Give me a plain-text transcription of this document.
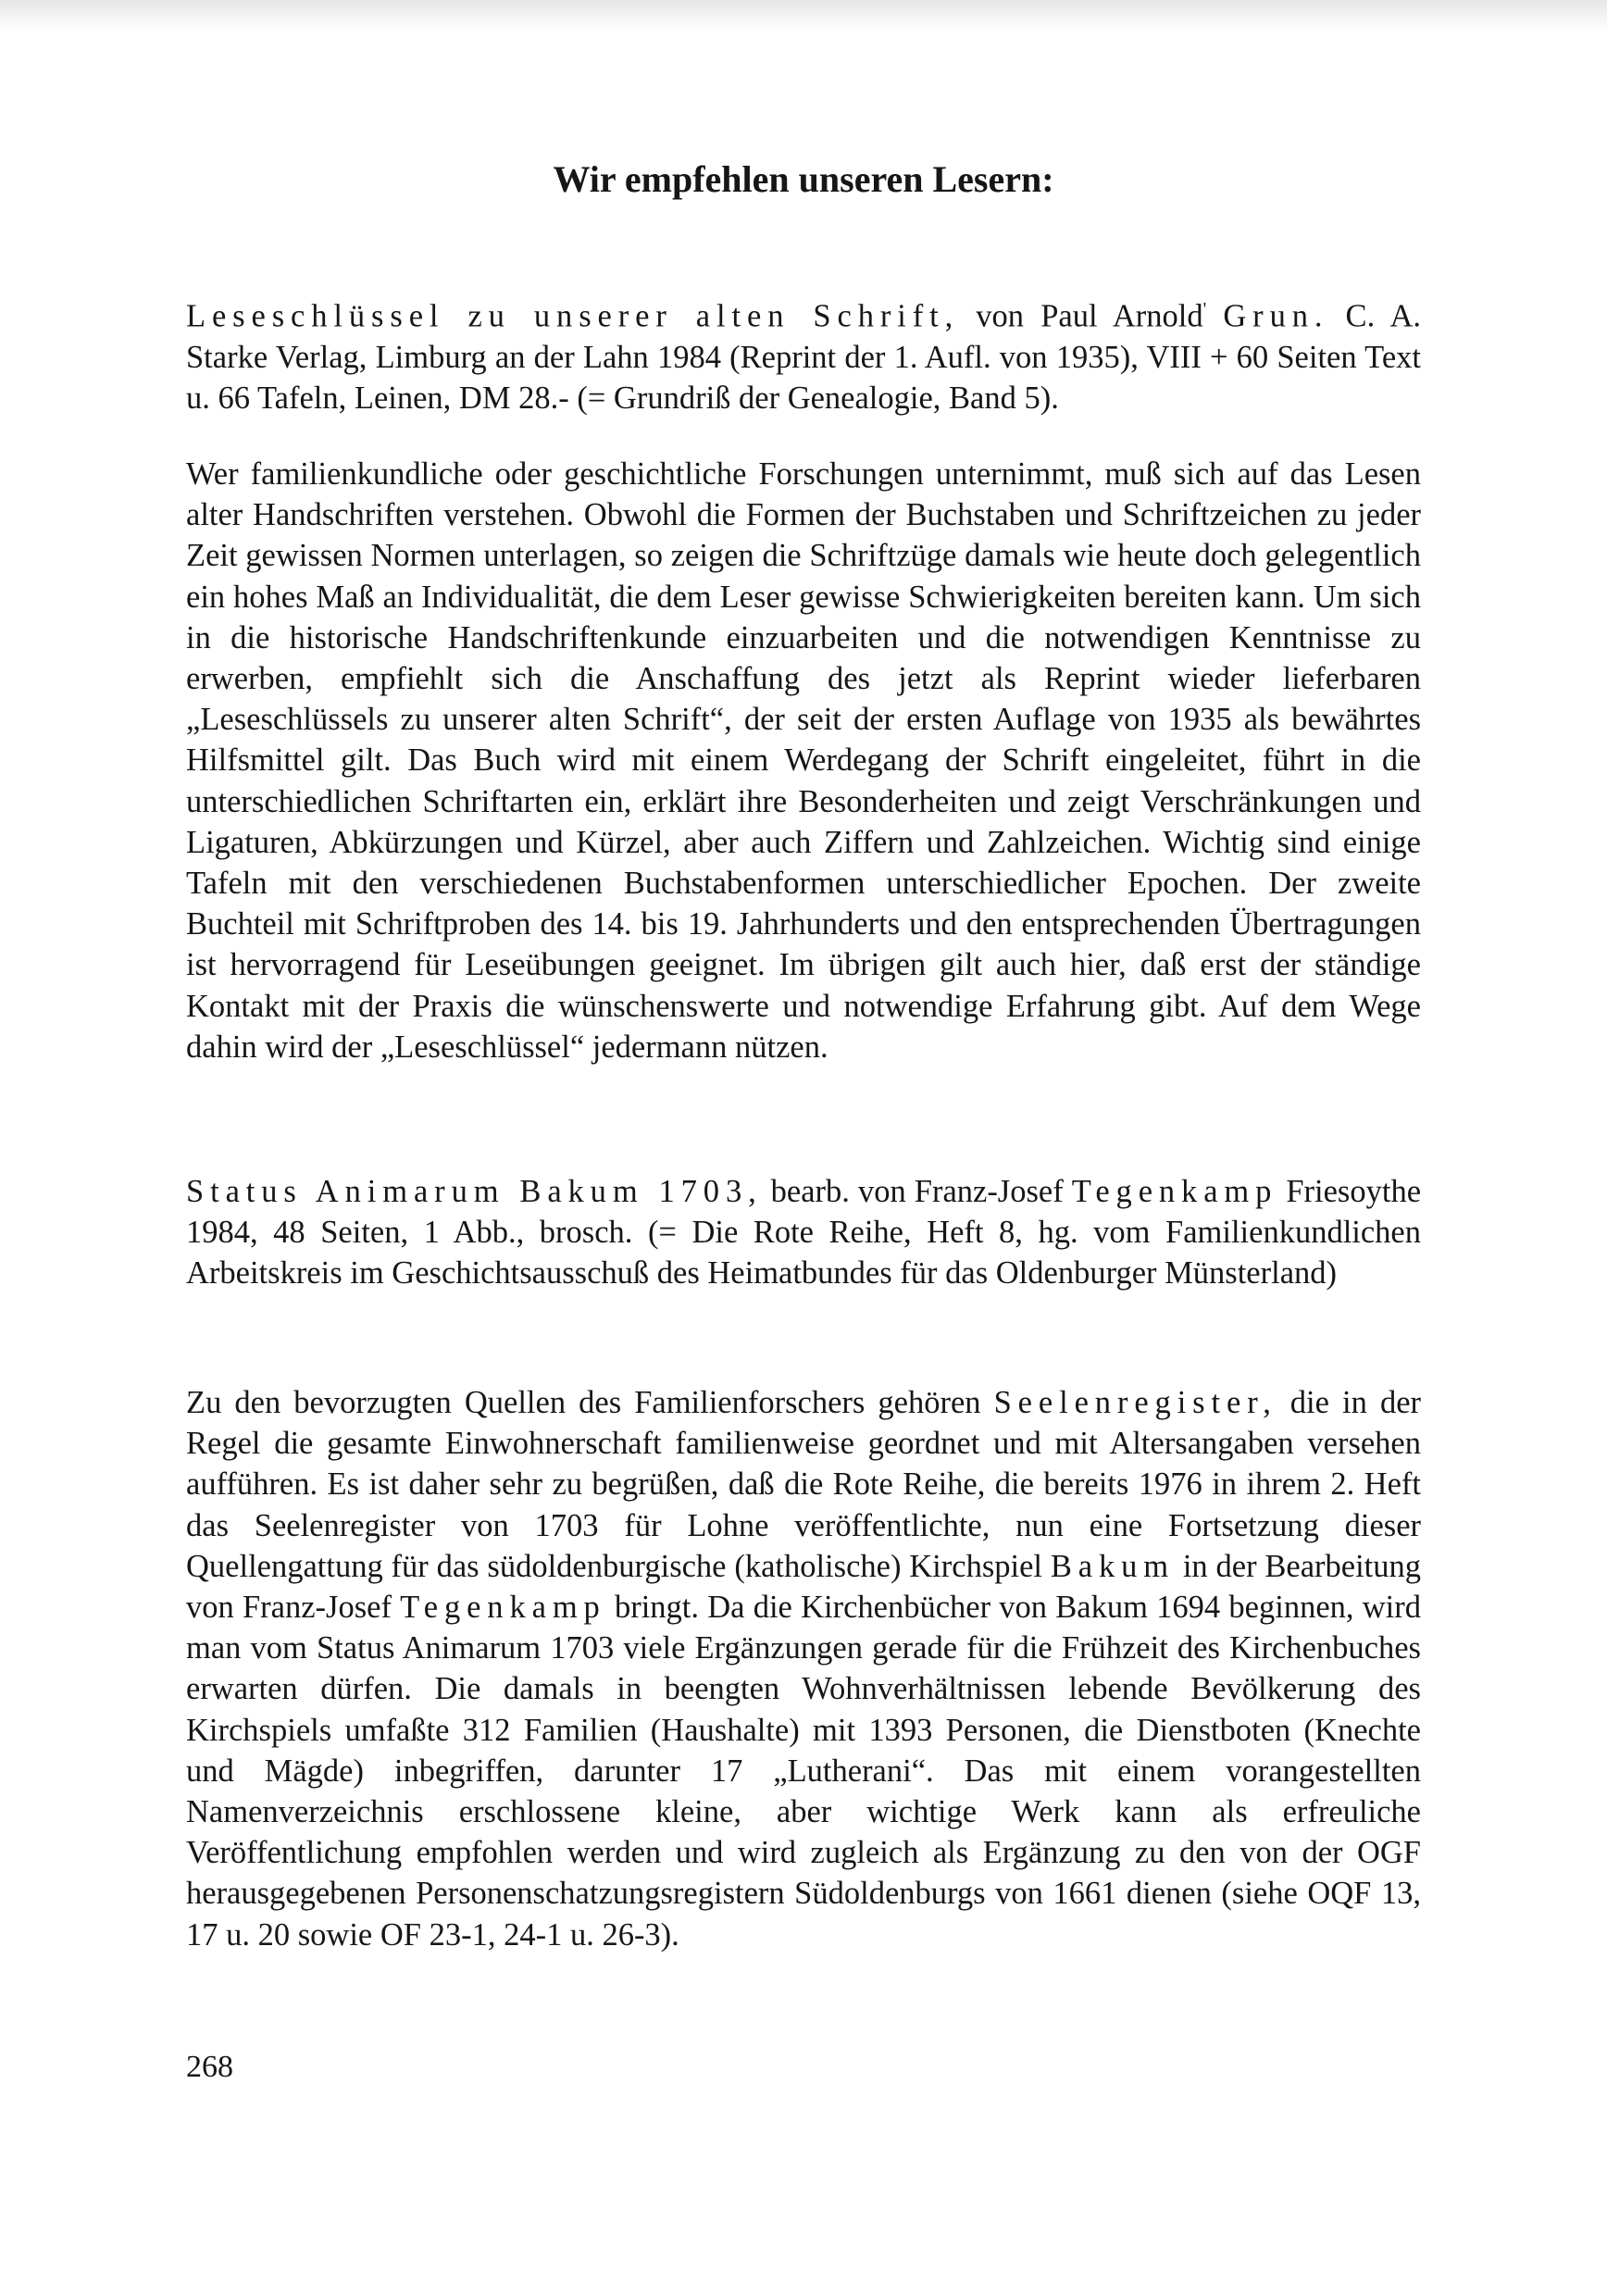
Wir empfehlen unseren Lesern:

Leseschlüssel zu unserer alten Schrift, von Paul Arnold' Grun. C. A. Starke Verlag, Limburg an der Lahn 1984 (Reprint der 1. Aufl. von 1935), VIII + 60 Seiten Text u. 66 Tafeln, Leinen, DM 28.- (= Grundriß der Genealogie, Band 5).

Wer familienkundliche oder geschichtliche Forschungen unternimmt, muß sich auf das Lesen alter Handschriften verstehen. Obwohl die Formen der Buchstaben und Schriftzeichen zu jeder Zeit gewissen Normen unterlagen, so zeigen die Schriftzüge damals wie heute doch gelegentlich ein hohes Maß an Individualität, die dem Leser gewisse Schwierigkeiten bereiten kann. Um sich in die historische Handschriftenkunde einzuarbeiten und die notwendigen Kenntnisse zu erwerben, empfiehlt sich die Anschaffung des jetzt als Reprint wieder lieferbaren „Leseschlüssels zu unserer alten Schrift“, der seit der ersten Auflage von 1935 als bewährtes Hilfsmittel gilt. Das Buch wird mit einem Werdegang der Schrift eingeleitet, führt in die unterschiedlichen Schriftarten ein, erklärt ihre Besonderheiten und zeigt Verschränkungen und Ligaturen, Abkürzungen und Kürzel, aber auch Ziffern und Zahlzeichen. Wichtig sind einige Tafeln mit den verschiedenen Buchstabenformen unterschiedlicher Epochen. Der zweite Buchteil mit Schriftproben des 14. bis 19. Jahrhunderts und den entsprechenden Übertragungen ist hervorragend für Leseübungen geeignet. Im übrigen gilt auch hier, daß erst der ständige Kontakt mit der Praxis die wünschenswerte und notwendige Erfahrung gibt. Auf dem Wege dahin wird der „Leseschlüssel“ jedermann nützen.

Status Animarum Bakum 1703, bearb. von Franz-Josef Tegenkamp Friesoythe 1984, 48 Seiten, 1 Abb., brosch. (= Die Rote Reihe, Heft 8, hg. vom Familienkundlichen Arbeitskreis im Geschichtsausschuß des Heimatbundes für das Oldenburger Münsterland)

Zu den bevorzugten Quellen des Familienforschers gehören Seelenregister, die in der Regel die gesamte Einwohnerschaft familienweise geordnet und mit Altersangaben versehen aufführen. Es ist daher sehr zu begrüßen, daß die Rote Reihe, die bereits 1976 in ihrem 2. Heft das Seelenregister von 1703 für Lohne veröffentlichte, nun eine Fortsetzung dieser Quellengattung für das südoldenburgische (katholische) Kirchspiel Bakum in der Bearbeitung von Franz-Josef Tegenkamp bringt. Da die Kirchenbücher von Bakum 1694 beginnen, wird man vom Status Animarum 1703 viele Ergänzungen gerade für die Frühzeit des Kirchenbuches erwarten dürfen. Die damals in beengten Wohnverhältnissen lebende Bevölkerung des Kirchspiels umfaßte 312 Familien (Haushalte) mit 1393 Personen, die Dienstboten (Knechte und Mägde) inbegriffen, darunter 17 „Lutherani“. Das mit einem vorangestellten Namenverzeichnis erschlossene kleine, aber wichtige Werk kann als erfreuliche Veröffentlichung empfohlen werden und wird zugleich als Ergänzung zu den von der OGF herausgegebenen Personenschatzungsregistern Südoldenburgs von 1661 dienen (siehe OQF 13, 17 u. 20 sowie OF 23-1, 24-1 u. 26-3).

268
